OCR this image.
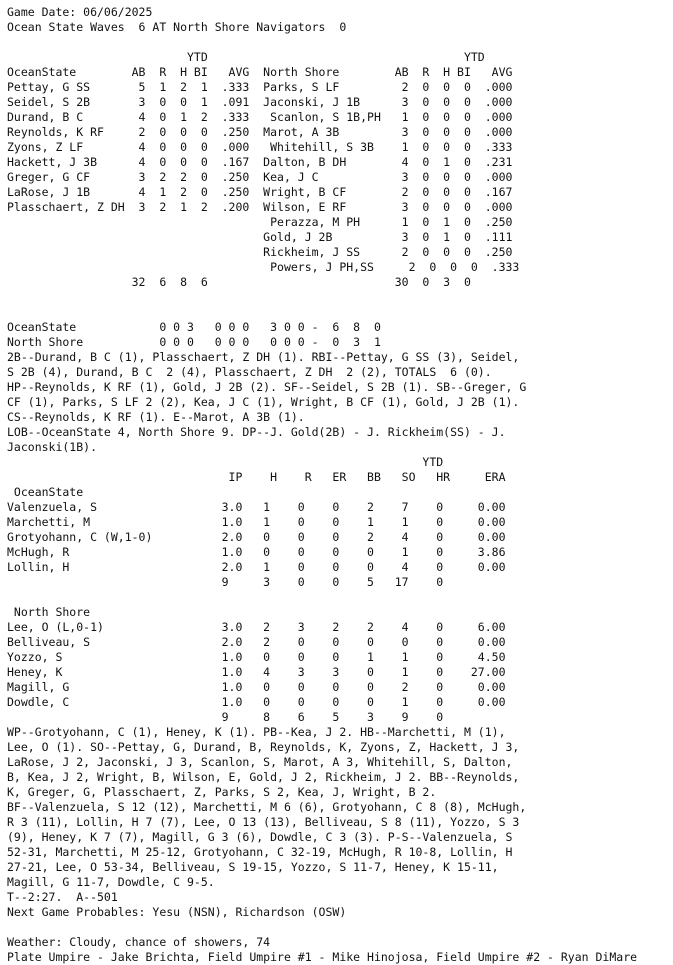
Game Date: 06/06/2025
Ocean State Waves  6 AT North Shore Navigators  0

YTD                                     YTD
OceanState        AB  R  H BI   AVG  North Shore        AB  R  H BI   AVG
Pettay, G SS       5  1  2  1  .333  Parks, S LF         2  0  0  0  .000
Seidel, S 2B       3  0  0  1  .091  Jaconski, J 1B      3  0  0  0  .000
Durand, B C        4  0  1  2  .333   Scanlon, S 1B,PH   1  0  0  0  .000
Reynolds, K RF     2  0  0  0  .250  Marot, A 3B         3  0  0  0  .000
Zyons, Z LF        4  0  0  0  .000   Whitehill, S 3B    1  0  0  0  .333
Hackett, J 3B      4  0  0  0  .167  Dalton, B DH        4  0  1  0  .231
Greger, G CF       3  2  2  0  .250  Kea, J C            3  0  0  0  .000
LaRose, J 1B       4  1  2  0  .250  Wright, B CF        2  0  0  0  .167
Plasschaert, Z DH  3  2  1  2  .200  Wilson, E RF        3  0  0  0  .000
Perazza, M PH      1  0  1  0  .250
Gold, J 2B          3  0  1  0  .111
Rickheim, J SS      2  0  0  0  .250
Powers, J PH,SS     2  0  0  0  .333
32  6  8  6                           30  0  3  0

OceanState            0 0 3   0 0 0   3 0 0 -  6  8  0
North Shore           0 0 0   0 0 0   0 0 0 -  0  3  1
2B--Durand, B C (1), Plasschaert, Z DH (1). RBI--Pettay, G SS (3), Seidel,
S 2B (4), Durand, B C  2 (4), Plasschaert, Z DH  2 (2), TOTALS  6 (0).
HP--Reynolds, K RF (1), Gold, J 2B (2). SF--Seidel, S 2B (1). SB--Greger, G
CF (1), Parks, S LF 2 (2), Kea, J C (1), Wright, B CF (1), Gold, J 2B (1).
CS--Reynolds, K RF (1). E--Marot, A 3B (1).
LOB--OceanState 4, North Shore 9. DP--J. Gold(2B) - J. Rickheim(SS) - J.
Jaconski(1B).
YTD
IP    H    R   ER   BB   SO   HR     ERA
OceanState
Valenzuela, S                  3.0   1    0    0    2    7    0     0.00
Marchetti, M                   1.0   1    0    0    1    1    0     0.00
Grotyohann, C (W,1-0)          2.0   0    0    0    2    4    0     0.00
McHugh, R                      1.0   0    0    0    0    1    0     3.86
Lollin, H                      2.0   1    0    0    0    4    0     0.00
9     3    0    0    5   17    0

North Shore
Lee, O (L,0-1)                 3.0   2    3    2    2    4    0     6.00
Belliveau, S                   2.0   2    0    0    0    0    0     0.00
Yozzo, S                       1.0   0    0    0    1    1    0     4.50
Heney, K                       1.0   4    3    3    0    1    0    27.00
Magill, G                      1.0   0    0    0    0    2    0     0.00
Dowdle, C                      1.0   0    0    0    0    1    0     0.00
9     8    6    5    3    9    0
WP--Grotyohann, C (1), Heney, K (1). PB--Kea, J 2. HB--Marchetti, M (1),
Lee, O (1). SO--Pettay, G, Durand, B, Reynolds, K, Zyons, Z, Hackett, J 3,
LaRose, J 2, Jaconski, J 3, Scanlon, S, Marot, A 3, Whitehill, S, Dalton,
B, Kea, J 2, Wright, B, Wilson, E, Gold, J 2, Rickheim, J 2. BB--Reynolds,
K, Greger, G, Plasschaert, Z, Parks, S 2, Kea, J, Wright, B 2.
BF--Valenzuela, S 12 (12), Marchetti, M 6 (6), Grotyohann, C 8 (8), McHugh,
R 3 (11), Lollin, H 7 (7), Lee, O 13 (13), Belliveau, S 8 (11), Yozzo, S 3
(9), Heney, K 7 (7), Magill, G 3 (6), Dowdle, C 3 (3). P-S--Valenzuela, S
52-31, Marchetti, M 25-12, Grotyohann, C 32-19, McHugh, R 10-8, Lollin, H
27-21, Lee, O 53-34, Belliveau, S 19-15, Yozzo, S 11-7, Heney, K 15-11,
Magill, G 11-7, Dowdle, C 9-5.
T--2:27.  A--501
Next Game Probables: Yesu (NSN), Richardson (OSW)

Weather: Cloudy, chance of showers, 74
Plate Umpire - Jake Brichta, Field Umpire #1 - Mike Hinojosa, Field Umpire #2 - Ryan DiMare
